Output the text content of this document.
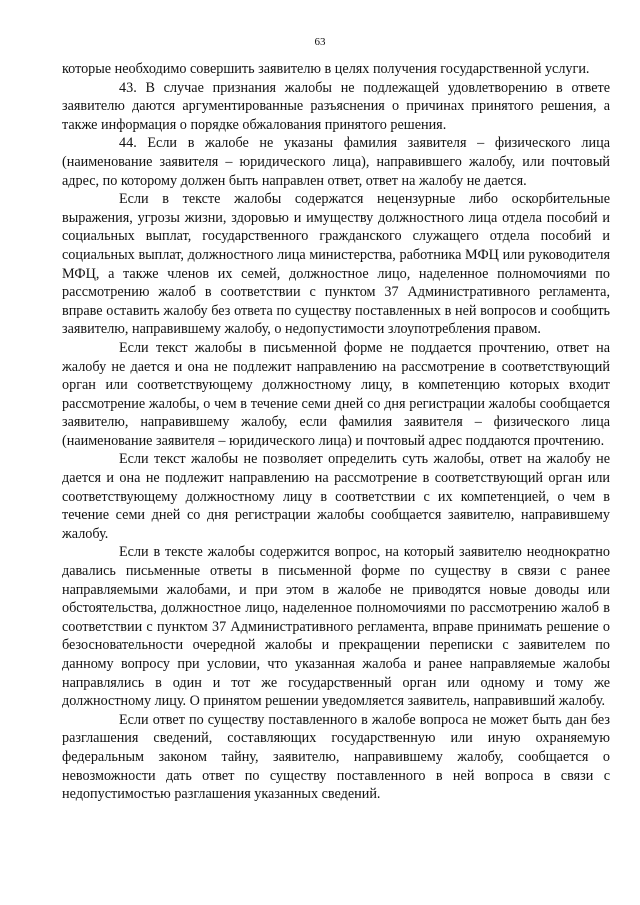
63

которые необходимо совершить заявителю в целях получения государственной услуги.

43. В случае признания жалобы не подлежащей удовлетворению в ответе заявителю даются аргументированные разъяснения о причинах принятого решения, а также информация о порядке обжалования принятого решения.

44. Если в жалобе не указаны фамилия заявителя – физического лица (наименование заявителя – юридического лица), направившего жалобу, или почтовый адрес, по которому должен быть направлен ответ, ответ на жалобу не дается.

Если в тексте жалобы содержатся нецензурные либо оскорбительные выражения, угрозы жизни, здоровью и имуществу должностного лица отдела пособий и социальных выплат, государственного гражданского служащего отдела пособий и социальных выплат, должностного лица министерства, работника МФЦ или руководителя МФЦ, а также членов их семей, должностное лицо, наделенное полномочиями по рассмотрению жалоб в соответствии с пунктом 37 Административного регламента, вправе оставить жалобу без ответа по существу поставленных в ней вопросов и сообщить заявителю, направившему жалобу, о недопустимости злоупотребления правом.

Если текст жалобы в письменной форме не поддается прочтению, ответ на жалобу не дается и она не подлежит направлению на рассмотрение в соответствующий орган или соответствующему должностному лицу, в компетенцию которых входит рассмотрение жалобы, о чем в течение семи дней со дня регистрации жалобы сообщается заявителю, направившему жалобу, если фамилия заявителя – физического лица (наименование заявителя – юридического лица) и почтовый адрес поддаются прочтению.

Если текст жалобы не позволяет определить суть жалобы, ответ на жалобу не дается и она не подлежит направлению на рассмотрение в соответствующий орган или соответствующему должностному лицу в соответствии с их компетенцией, о чем в течение семи дней со дня регистрации жалобы сообщается заявителю, направившему жалобу.

Если в тексте жалобы содержится вопрос, на который заявителю неоднократно давались письменные ответы в письменной форме по существу в связи с ранее направляемыми жалобами, и при этом в жалобе не приводятся новые доводы или обстоятельства, должностное лицо, наделенное полномочиями по рассмотрению жалоб в соответствии с пунктом 37 Административного регламента, вправе принимать решение о безосновательности очередной жалобы и прекращении переписки с заявителем по данному вопросу при условии, что указанная жалоба и ранее направляемые жалобы направлялись в один и тот же государственный орган или одному и тому же должностному лицу. О принятом решении уведомляется заявитель, направивший жалобу.

Если ответ по существу поставленного в жалобе вопроса не может быть дан без разглашения сведений, составляющих государственную или иную охраняемую федеральным законом тайну, заявителю, направившему жалобу, сообщается о невозможности дать ответ по существу поставленного в ней вопроса в связи с недопустимостью разглашения указанных сведений.
